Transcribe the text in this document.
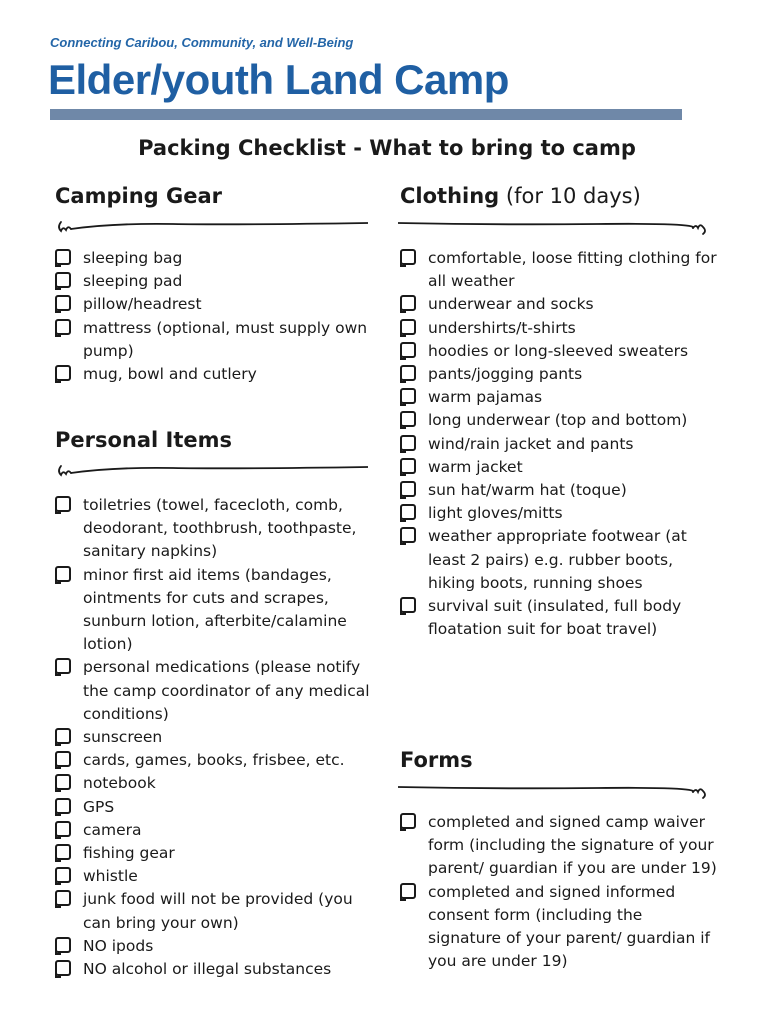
Connecting Caribou, Community, and Well-Being
Elder/youth Land Camp
Packing Checklist - What to bring to camp
Camping Gear
sleeping bag
sleeping pad
pillow/headrest
mattress (optional, must supply own pump)
mug, bowl and cutlery
Personal Items
toiletries (towel, facecloth, comb, deodorant, toothbrush, toothpaste, sanitary napkins)
minor first aid items (bandages, ointments for cuts and scrapes, sunburn lotion, afterbite/calamine lotion)
personal medications (please notify the camp coordinator of any medical conditions)
sunscreen
cards, games, books, frisbee, etc.
notebook
GPS
camera
fishing gear
whistle
junk food will not be provided (you can bring your own)
NO ipods
NO alcohol or illegal substances
Clothing (for 10 days)
comfortable, loose fitting clothing for all weather
underwear and socks
undershirts/t-shirts
hoodies or long-sleeved sweaters
pants/jogging pants
warm pajamas
long underwear (top and bottom)
wind/rain jacket and pants
warm jacket
sun hat/warm hat (toque)
light gloves/mitts
weather appropriate footwear (at least 2 pairs) e.g. rubber boots, hiking boots, running shoes
survival suit (insulated, full body floatation suit for boat travel)
Forms
completed and signed camp waiver form (including the signature of your parent/ guardian if you are under 19)
completed and signed informed consent form (including the signature of your parent/ guardian if you are under 19)
